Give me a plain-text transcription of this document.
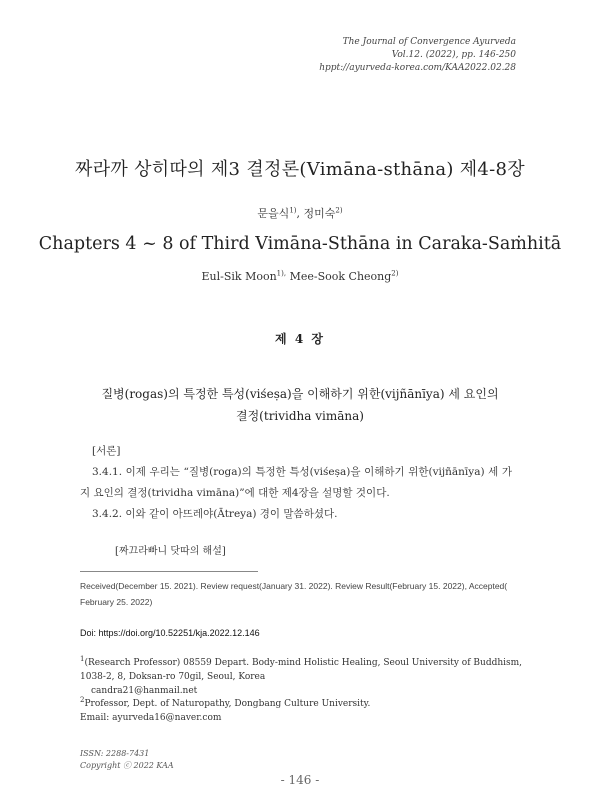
The Journal of Convergence Ayurveda
Vol.12. (2022), pp. 146-250
hppt://ayurveda-korea.com/KAA2022.02.28
짜라까 상히따의 제3 결정론(Vimāna-sthāna) 제4-8장
문을식$^{1)}$, 정미숙$^{2)}$
Chapters 4 ~ 8 of Third Vimāna-Sthāna in Caraka-Saṁhitā
Eul-Sik Moon$^{1),}$ Mee-Sook Cheong$^{2)}$
제 4 장
질병(rogas)의 특정한 특성(viśeṣa)을 이해하기 위한(vijñānīya) 세 요인의
결정(trividha vimāna)
[서론]
3.4.1. 이제 우리는 “질병(roga)의 특정한 특성(viśeṣa)을 이해하기 위한(vijñānīya) 세 가지 요인의 결정(trividha vimāna)”에 대한 제4장을 설명할 것이다.
3.4.2. 이와 같이 아뜨레야(Ātreya) 경이 말씀하셨다.
[짜끄라빠니 닷따의 해설]
Received(December 15. 2021). Review request(January 31. 2022). Review Result(February 15. 2022), Accepted( February 25. 2022)
Doi: https://doi.org/10.52251/kja.2022.12.146
$^1$(Research Professor) 08559 Depart. Body-mind Holistic Healing, Seoul University of Buddhism,
1038-2, 8, Doksan-ro 70gil, Seoul, Korea
candra21@hanmail.net
$^2$Professor, Dept. of Naturopathy, Dongbang Culture University.
Email: ayurveda16@naver.com
ISSN: 2288-7431
Copyright ⓒ 2022 KAA
- 146 -
